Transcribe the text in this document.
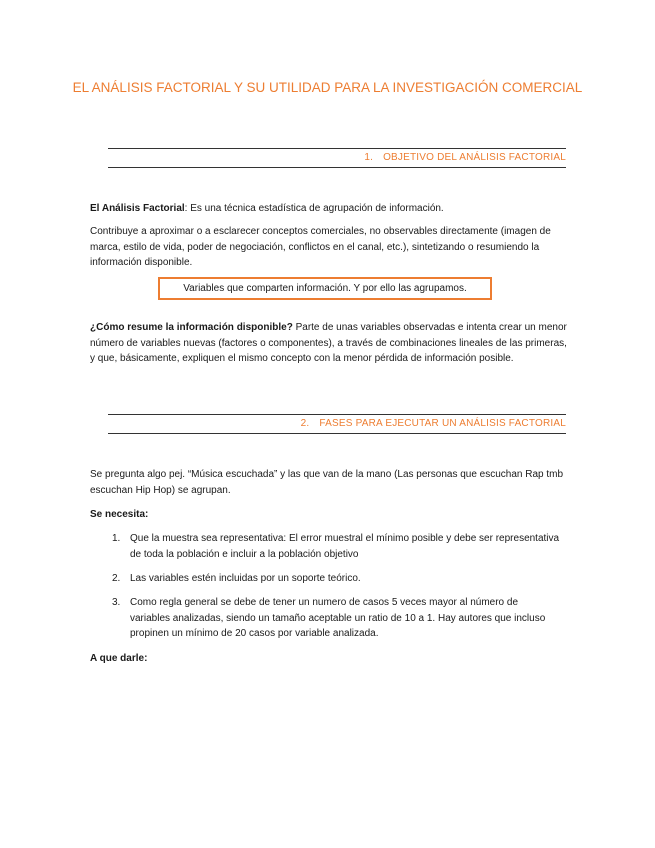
EL ANÁLISIS FACTORIAL Y SU UTILIDAD PARA LA INVESTIGACIÓN COMERCIAL
1. OBJETIVO DEL ANÁLISIS FACTORIAL

El Análisis Factorial: Es una técnica estadística de agrupación de información.

Contribuye a aproximar o a esclarecer conceptos comerciales, no observables directamente (imagen de marca, estilo de vida, poder de negociación, conflictos en el canal, etc.), sintetizando o resumiendo la información disponible.

Variables que comparten información. Y por ello las agrupamos.

¿Cómo resume la información disponible? Parte de unas variables observadas e intenta crear un menor número de variables nuevas (factores o componentes), a través de combinaciones lineales de las primeras, y que, básicamente, expliquen el mismo concepto con la menor pérdida de información posible.

2. FASES PARA EJECUTAR UN ANÁLISIS FACTORIAL

Se pregunta algo pej. “Música escuchada” y las que van de la mano (Las personas que escuchan Rap tmb escuchan Hip Hop) se agrupan.

Se necesita:

1. Que la muestra sea representativa: El error muestral el mínimo posible y debe ser representativa de toda la población e incluir a la población objetivo
2. Las variables estén incluidas por un soporte teórico.
3. Como regla general se debe de tener un numero de casos 5 veces mayor al número de variables analizadas, siendo un tamaño aceptable un ratio de 10 a 1. Hay autores que incluso propinen un mínimo de 20 casos por variable analizada.

A que darle:
